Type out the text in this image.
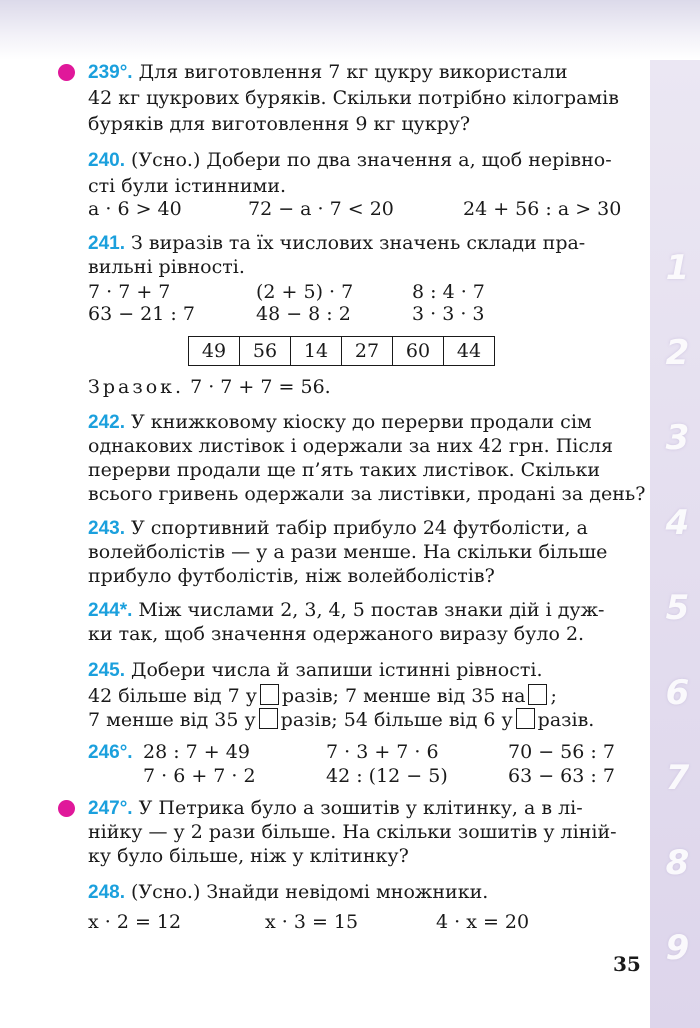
1
2
3
4
5
6
7
8
9
239°. Для виготовлення 7 кг цукру використали
42 кг цукрових буряків. Скільки потрібно кілограмів
буряків для виготовлення 9 кг цукру?
240. (Усно.) Добери по два значення a, щоб нерівно-
сті були істинними.
a · 6 > 40	72 − a · 7 < 20	24 + 56 : a > 30
241. З виразів та їх числових значень склади пра-
вильні рівності.
7 · 7 + 7	(2 + 5) · 7	8 : 4 · 7
63 − 21 : 7	48 − 8 : 2	3 · 3 · 3
49	56	14	27	60	44
Зразок. 7 · 7 + 7 = 56.
242. У книжковому кіоску до перерви продали сім
однакових листівок і одержали за них 42 грн. Після
перерви продали ще п’ять таких листівок. Скільки
всього гривень одержали за листівки, продані за день?
243. У спортивний табір прибуло 24 футболісти, а
волейболістів — у a рази менше. На скільки більше
прибуло футболістів, ніж волейболістів?
244*. Між числами 2, 3, 4, 5 постав знаки дій і дуж-
ки так, щоб значення одержаного виразу було 2.
245. Добери числа й запиши істинні рівності.
42 більше від 7 у разів; 7 менше від 35 на ;
7 менше від 35 у разів; 54 більше від 6 у разів.
246°. 28 : 7 + 49	7 · 3 + 7 · 6	70 − 56 : 7
7 · 6 + 7 · 2	42 : (12 − 5)	63 − 63 : 7
247°. У Петрика було a зошитів у клітинку, а в лі-
нійку — у 2 рази більше. На скільки зошитів у ліній-
ку було більше, ніж у клітинку?
248. (Усно.) Знайди невідомі множники.
x · 2 = 12	x · 3 = 15	4 · x = 20
35
